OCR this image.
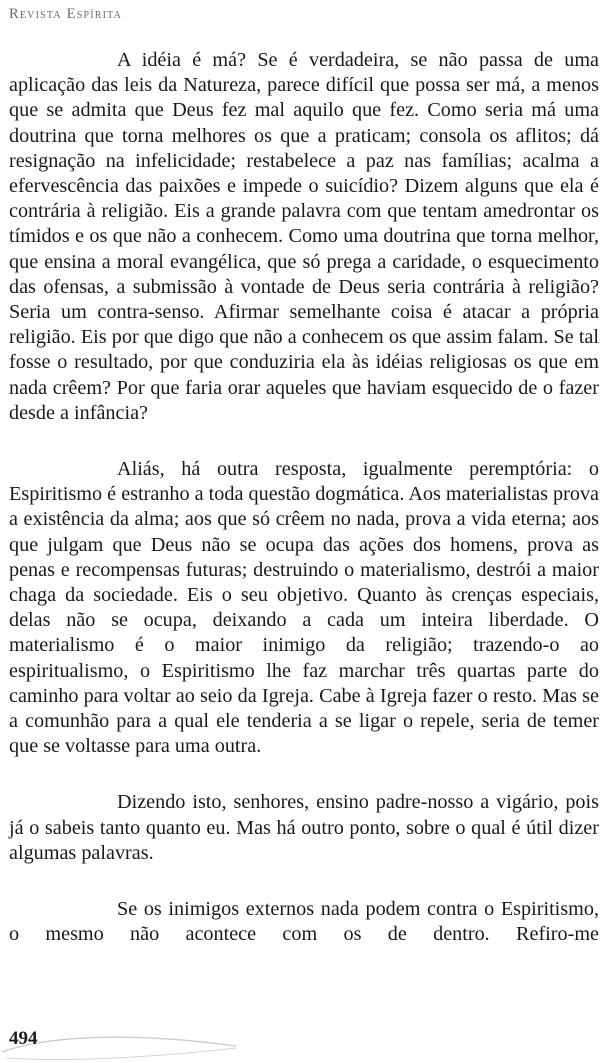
Revista Espírita

A idéia é má? Se é verdadeira, se não passa de uma aplicação das leis da Natureza, parece difícil que possa ser má, a menos que se admita que Deus fez mal aquilo que fez. Como seria má uma doutrina que torna melhores os que a praticam; consola os aflitos; dá resignação na infelicidade; restabelece a paz nas famílias; acalma a efervescência das paixões e impede o suicídio? Dizem alguns que ela é contrária à religião. Eis a grande palavra com que tentam amedrontar os tímidos e os que não a conhecem. Como uma doutrina que torna melhor, que ensina a moral evangélica, que só prega a caridade, o esquecimento das ofensas, a submissão à vontade de Deus seria contrária à religião? Seria um contra-senso. Afirmar semelhante coisa é atacar a própria religião. Eis por que digo que não a conhecem os que assim falam. Se tal fosse o resultado, por que conduziria ela às idéias religiosas os que em nada crêem? Por que faria orar aqueles que haviam esquecido de o fazer desde a infância?

Aliás, há outra resposta, igualmente peremptória: o Espiritismo é estranho a toda questão dogmática. Aos materialistas prova a existência da alma; aos que só crêem no nada, prova a vida eterna; aos que julgam que Deus não se ocupa das ações dos homens, prova as penas e recompensas futuras; destruindo o materialismo, destrói a maior chaga da sociedade. Eis o seu objetivo. Quanto às crenças especiais, delas não se ocupa, deixando a cada um inteira liberdade. O materialismo é o maior inimigo da religião; trazendo-o ao espiritualismo, o Espiritismo lhe faz marchar três quartas parte do caminho para voltar ao seio da Igreja. Cabe à Igreja fazer o resto. Mas se a comunhão para a qual ele tenderia a se ligar o repele, seria de temer que se voltasse para uma outra.

Dizendo isto, senhores, ensino padre-nosso a vigário, pois já o sabeis tanto quanto eu. Mas há outro ponto, sobre o qual é útil dizer algumas palavras.

Se os inimigos externos nada podem contra o Espiritismo, o mesmo não acontece com os de dentro. Refiro-me

494
